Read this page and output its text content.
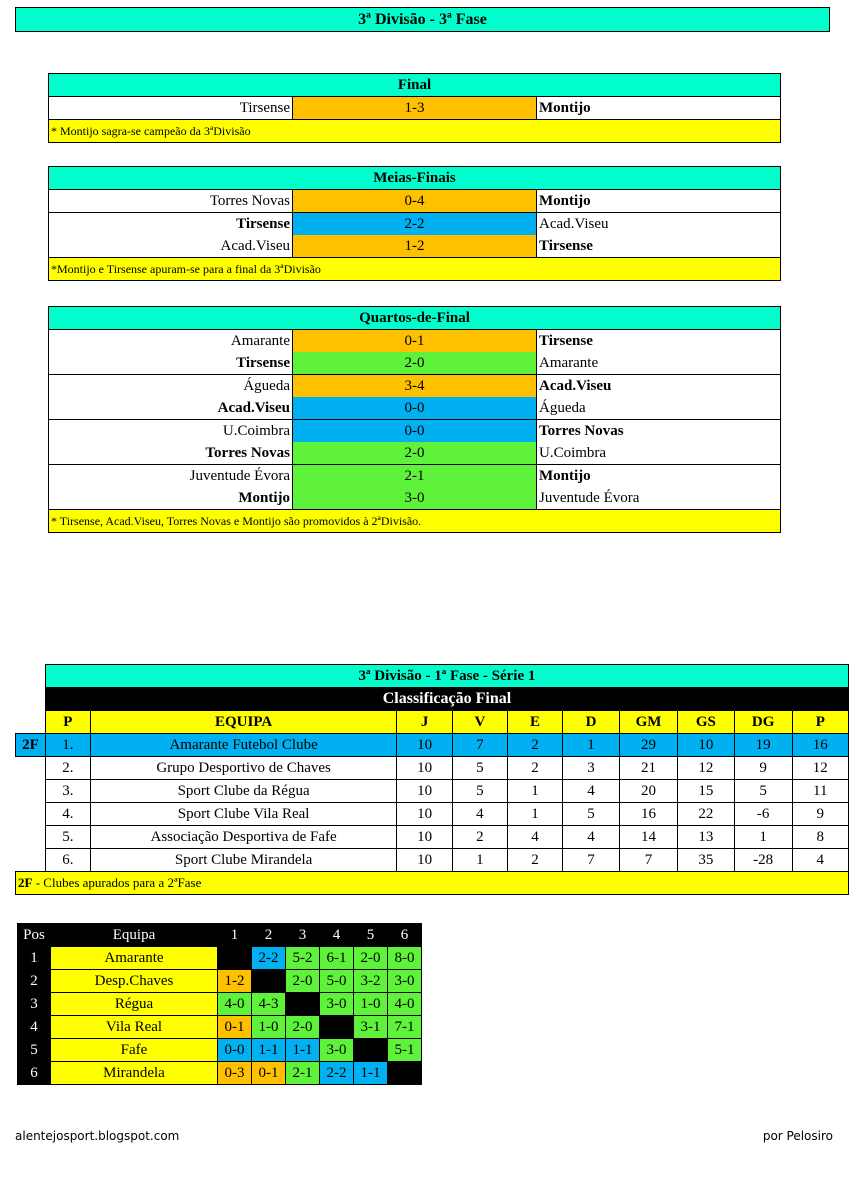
3ª Divisão - 3ª Fase
Final
Tirsense	1-3	Montijo
* Montijo sagra-se campeão da 3ªDivisão
Meias-Finais		
Torres Novas	0-4	Montijo
Tirsense	2-2	Acad.Viseu
Acad.Viseu	1-2	Tirsense
*Montijo e Tirsense apuram-se para a final da 3ªDivisão		
Quartos-de-Final		
Amarante	0-1	Tirsense
Tirsense	2-0	Amarante
Águeda	3-4	Acad.Viseu
Acad.Viseu	0-0	Águeda
U.Coimbra	0-0	Torres Novas
Torres Novas	2-0	U.Coimbra
Juventude Évora	2-1	Montijo
Montijo	3-0	Juventude Évora
* Tirsense, Acad.Viseu, Torres Novas e Montijo são promovidos à 2ªDivisão.		
	3ª Divisão - 1ª Fase - Série 1									
	Classificação Final									
	P	EQUIPA	J	V	E	D	GM	GS	DG	P
2F	1.	Amarante Futebol Clube	10	7	2	1	29	10	19	16
	2.	Grupo Desportivo de Chaves	10	5	2	3	21	12	9	12
	3.	Sport Clube da Régua	10	5	1	4	20	15	5	11
	4.	Sport Clube Vila Real	10	4	1	5	16	22	-6	9
	5.	Associação Desportiva de Fafe	10	2	4	4	14	13	1	8
	6.	Sport Clube Mirandela	10	1	2	7	7	35	-28	4
2F - Clubes apurados para a 2ªFase										
Pos	Equipa	1	2	3	4	5	6
1	Amarante		2-2	5-2	6-1	2-0	8-0
2	Desp.Chaves	1-2		2-0	5-0	3-2	3-0
3	Régua	4-0	4-3		3-0	1-0	4-0
4	Vila Real	0-1	1-0	2-0		3-1	7-1
5	Fafe	0-0	1-1	1-1	3-0		5-1
6	Mirandela	0-3	0-1	2-1	2-2	1-1	
alentejosport.blogspot.com	por Pelosiro
